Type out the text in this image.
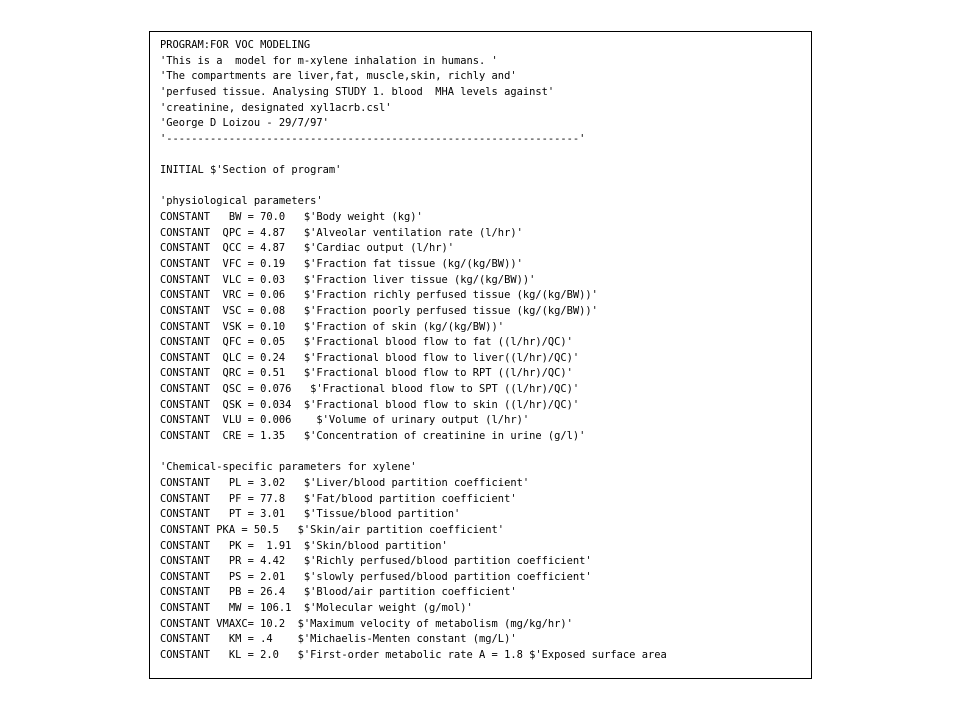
PROGRAM:FOR VOC MODELING
'This is a  model for m-xylene inhalation in humans. '
'The compartments are liver,fat, muscle,skin, richly and'
'perfused tissue. Analysing STUDY 1. blood  MHA levels against'
'creatinine, designated xyl1acrb.csl'
'George D Loizou - 29/7/97'
'------------------------------------------------------------------'
INITIAL $'Section of program'
'physiological parameters'
CONSTANT   BW = 70.0   $'Body weight (kg)'
CONSTANT  QPC = 4.87   $'Alveolar ventilation rate (l/hr)'
CONSTANT  QCC = 4.87   $'Cardiac output (l/hr)'
CONSTANT  VFC = 0.19   $'Fraction fat tissue (kg/(kg/BW))'
CONSTANT  VLC = 0.03   $'Fraction liver tissue (kg/(kg/BW))'
CONSTANT  VRC = 0.06   $'Fraction richly perfused tissue (kg/(kg/BW))'
CONSTANT  VSC = 0.08   $'Fraction poorly perfused tissue (kg/(kg/BW))'
CONSTANT  VSK = 0.10   $'Fraction of skin (kg/(kg/BW))'
CONSTANT  QFC = 0.05   $'Fractional blood flow to fat ((l/hr)/QC)'
CONSTANT  QLC = 0.24   $'Fractional blood flow to liver((l/hr)/QC)'
CONSTANT  QRC = 0.51   $'Fractional blood flow to RPT ((l/hr)/QC)'
CONSTANT  QSC = 0.076   $'Fractional blood flow to SPT ((l/hr)/QC)'
CONSTANT  QSK = 0.034  $'Fractional blood flow to skin ((l/hr)/QC)'
CONSTANT  VLU = 0.006    $'Volume of urinary output (l/hr)'
CONSTANT  CRE = 1.35   $'Concentration of creatinine in urine (g/l)'
'Chemical-specific parameters for xylene'
CONSTANT   PL = 3.02   $'Liver/blood partition coefficient'
CONSTANT   PF = 77.8   $'Fat/blood partition coefficient'
CONSTANT   PT = 3.01   $'Tissue/blood partition'
CONSTANT PKA = 50.5   $'Skin/air partition coefficient'
CONSTANT   PK =  1.91  $'Skin/blood partition'
CONSTANT   PR = 4.42   $'Richly perfused/blood partition coefficient'
CONSTANT   PS = 2.01   $'slowly perfused/blood partition coefficient'
CONSTANT   PB = 26.4   $'Blood/air partition coefficient'
CONSTANT   MW = 106.1  $'Molecular weight (g/mol)'
CONSTANT VMAXC= 10.2  $'Maximum velocity of metabolism (mg/kg/hr)'
CONSTANT   KM = .4    $'Michaelis-Menten constant (mg/L)'
CONSTANT   KL = 2.0   $'First-order metabolic rate A = 1.8 $'Exposed surface area
